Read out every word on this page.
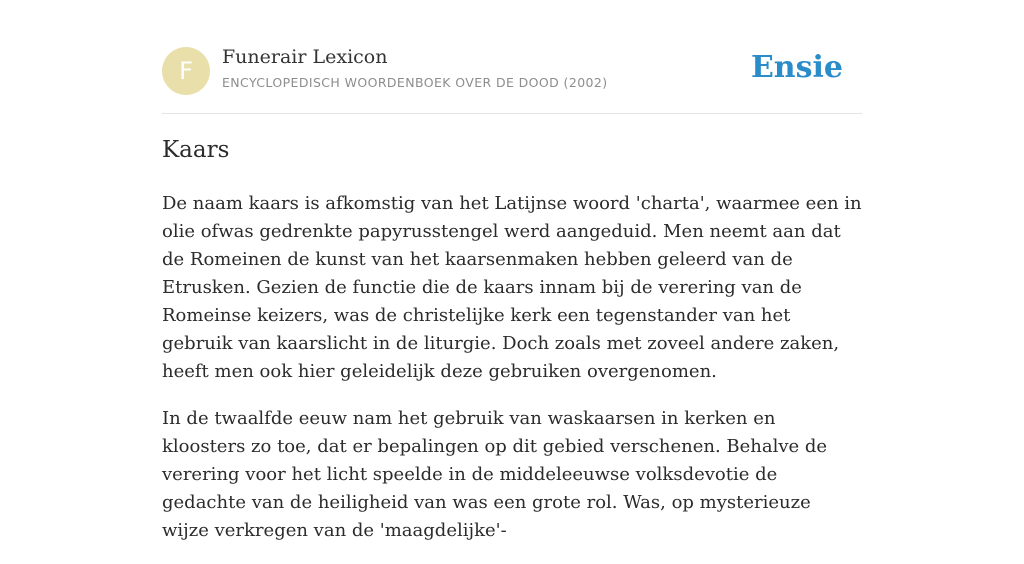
F	Funerair Lexicon
ENCYCLOPEDISCH WOORDENBOEK OVER DE DOOD (2002)	Ensie
Kaars

De naam kaars is afkomstig van het Latijnse woord 'charta', waarmee een in olie ofwas gedrenkte papyrusstengel werd aangeduid. Men neemt aan dat de Romeinen de kunst van het kaarsenmaken hebben geleerd van de Etrusken. Gezien de functie die de kaars innam bij de verering van de Romeinse keizers, was de christelijke kerk een tegenstander van het gebruik van kaarslicht in de liturgie. Doch zoals met zoveel andere zaken, heeft men ook hier geleidelijk deze gebruiken overgenomen.

In de twaalfde eeuw nam het gebruik van waskaarsen in kerken en kloosters zo toe, dat er bepalingen op dit gebied verschenen. Behalve de verering voor het licht speelde in de middeleeuwse volksdevotie de gedachte van de heiligheid van was een grote rol. Was, op mysterieuze wijze verkregen van de 'maagdelijke'-
